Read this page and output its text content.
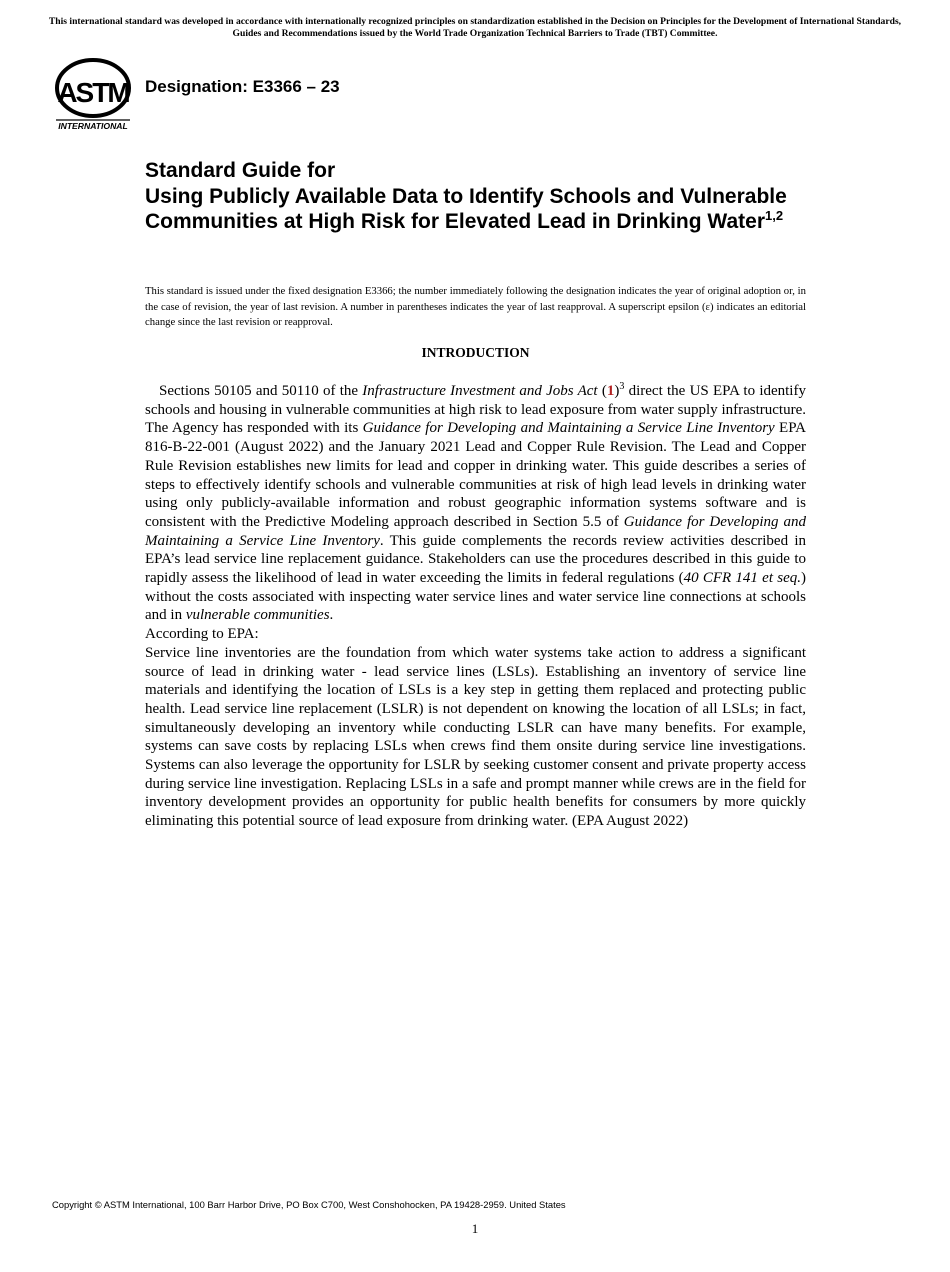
This international standard was developed in accordance with internationally recognized principles on standardization established in the Decision on Principles for the Development of International Standards, Guides and Recommendations issued by the World Trade Organization Technical Barriers to Trade (TBT) Committee.
ASTM
INTERNATIONAL
Designation: E3366 – 23
Standard Guide for
Using Publicly Available Data to Identify Schools and Vulnerable Communities at High Risk for Elevated Lead in Drinking Water$^{1,2}$
This standard is issued under the fixed designation E3366; the number immediately following the designation indicates the year of original adoption or, in the case of revision, the year of last revision. A number in parentheses indicates the year of last reapproval. A superscript epsilon (ε) indicates an editorial change since the last revision or reapproval.
INTRODUCTION

Sections 50105 and 50110 of the Infrastructure Investment and Jobs Act (1)$^3$ direct the US EPA to identify schools and housing in vulnerable communities at high risk to lead exposure from water supply infrastructure. The Agency has responded with its Guidance for Developing and Maintaining a Service Line Inventory EPA 816-B-22-001 (August 2022) and the January 2021 Lead and Copper Rule Revision. The Lead and Copper Rule Revision establishes new limits for lead and copper in drinking water. This guide describes a series of steps to effectively identify schools and vulnerable communities at risk of high lead levels in drinking water using only publicly-available information and robust geographic information systems software and is consistent with the Predictive Modeling approach described in Section 5.5 of Guidance for Developing and Maintaining a Service Line Inventory. This guide complements the records review activities described in EPA’s lead service line replacement guidance. Stakeholders can use the procedures described in this guide to rapidly assess the likelihood of lead in water exceeding the limits in federal regulations (40 CFR 141 et seq.) without the costs associated with inspecting water service lines and water service line connections at schools and in vulnerable communities.

According to EPA:

Service line inventories are the foundation from which water systems take action to address a significant source of lead in drinking water - lead service lines (LSLs). Establishing an inventory of service line materials and identifying the location of LSLs is a key step in getting them replaced and protecting public health. Lead service line replacement (LSLR) is not dependent on knowing the location of all LSLs; in fact, simultaneously developing an inventory while conducting LSLR can have many benefits. For example, systems can save costs by replacing LSLs when crews find them onsite during service line investigations. Systems can also leverage the opportunity for LSLR by seeking customer consent and private property access during service line investigation. Replacing LSLs in a safe and prompt manner while crews are in the field for inventory development provides an opportunity for public health benefits for consumers by more quickly eliminating this potential source of lead exposure from drinking water. (EPA August 2022)

Copyright © ASTM International, 100 Barr Harbor Drive, PO Box C700, West Conshohocken, PA 19428-2959. United States
1
